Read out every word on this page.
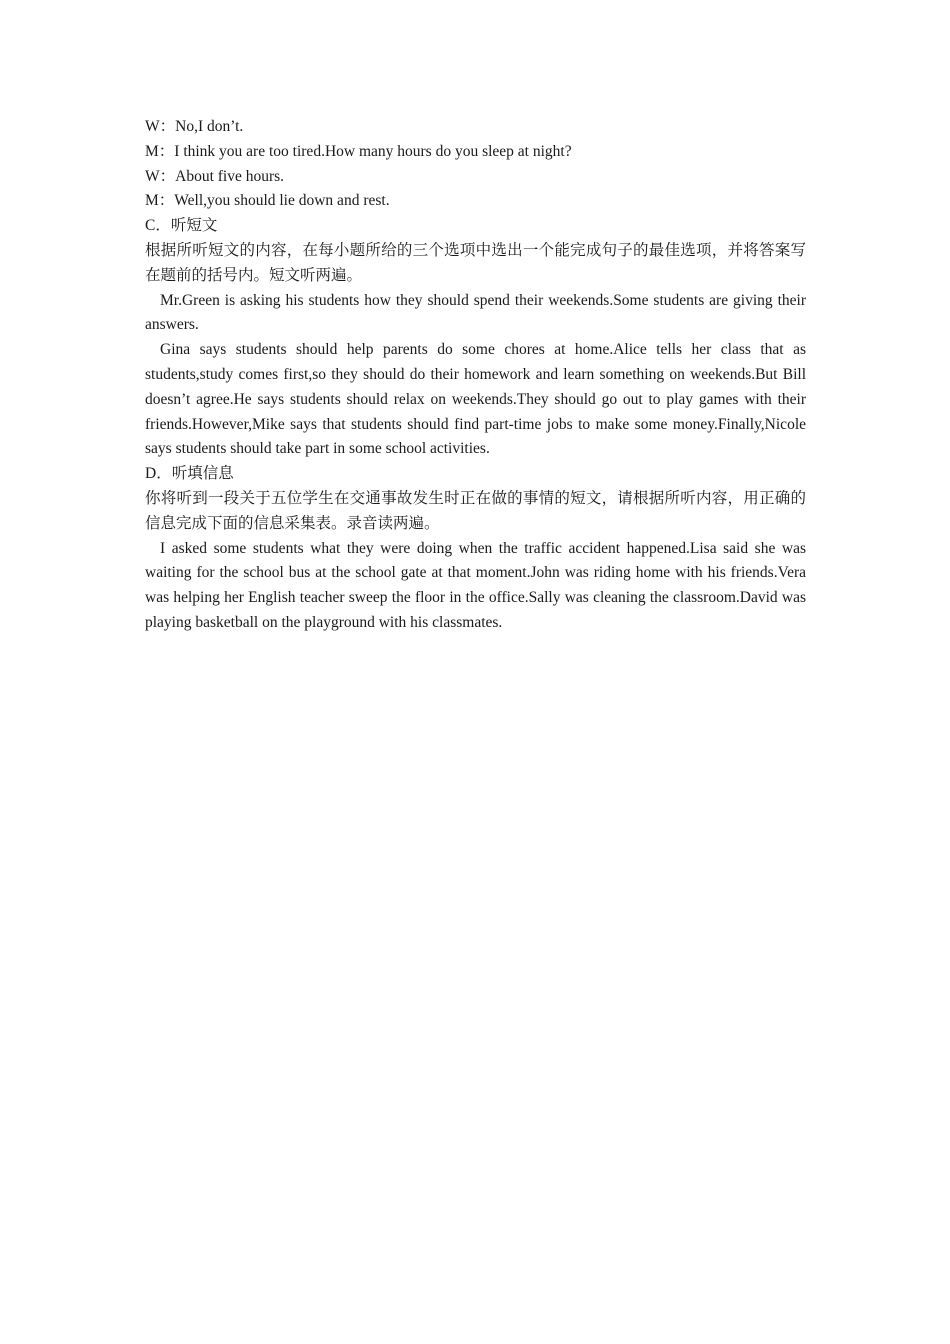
W：No,I don’t.

M：I think you are too tired.How many hours do you sleep at night?

W：About five hours.

M：Well,you should lie down and rest.

C．听短文

根据所听短文的内容，在每小题所给的三个选项中选出一个能完成句子的最佳选项，并将答案写在题前的括号内。短文听两遍。

Mr.Green is asking his students how they should spend their weekends.Some students are giving their answers.

Gina says students should help parents do some chores at home.Alice tells her class that as students,study comes first,so they should do their homework and learn something on weekends.But Bill doesn’t agree.He says students should relax on weekends.They should go out to play games with their friends.However,Mike says that students should find part-time jobs to make some money.Finally,Nicole says students should take part in some school activities.

D．听填信息

你将听到一段关于五位学生在交通事故发生时正在做的事情的短文，请根据所听内容，用正确的信息完成下面的信息采集表。录音读两遍。

I asked some students what they were doing when the traffic accident happened.Lisa said she was waiting for the school bus at the school gate at that moment.John was riding home with his friends.Vera was helping her English teacher sweep the floor in the office.Sally was cleaning the classroom.David was playing basketball on the playground with his classmates.
